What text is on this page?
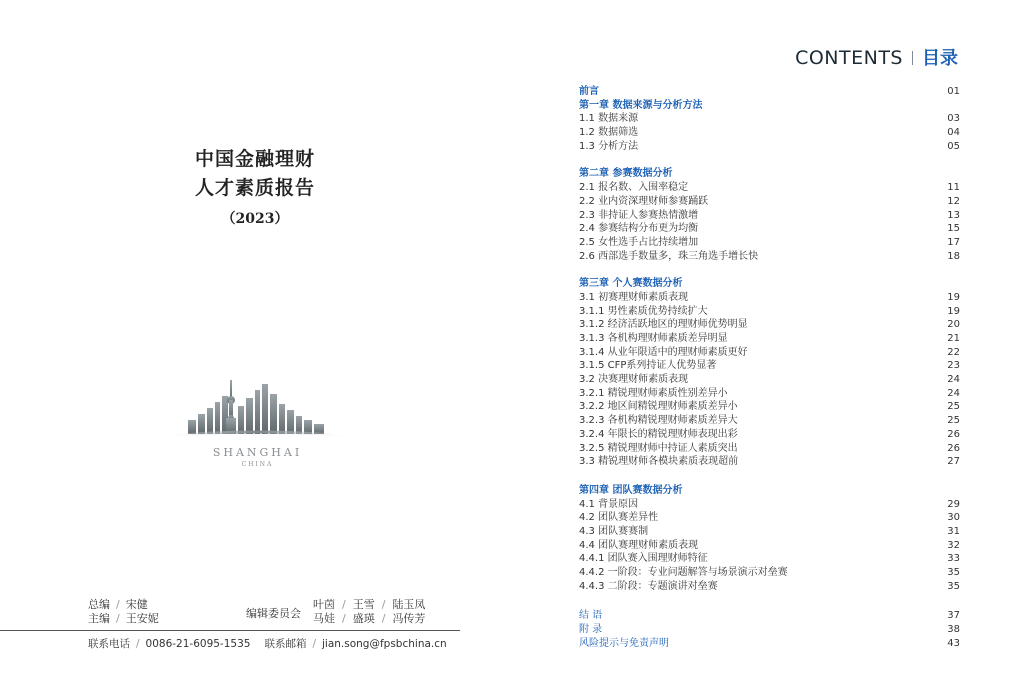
中国金融理财
人才素质报告
（2023）
SHANGHAI
CHINA
总编 / 宋健
主编 / 王安妮	编辑委员会
叶茵 / 王雪 / 陆玉凤
马娃 / 盛瑛 / 冯传芳
联系电话 / 0086-21-6095-1535 联系邮箱 / jian.song@fpsbchina.cn
CONTENTS 目录
前言	01
第一章 数据来源与分析方法
1.1 数据来源	03
1.2 数据筛选	04
1.3 分析方法	05
第二章 参赛数据分析
2.1 报名数、入围率稳定	11
2.2 业内资深理财师参赛踊跃	12
2.3 非持证人参赛热情激增	13
2.4 参赛结构分布更为均衡	15
2.5 女性选手占比持续增加	17
2.6 西部选手数量多，珠三角选手增长快	18
第三章 个人赛数据分析
3.1 初赛理财师素质表现	19
3.1.1 男性素质优势持续扩大	19
3.1.2 经济活跃地区的理财师优势明显	20
3.1.3 各机构理财师素质差异明显	21
3.1.4 从业年限适中的理财师素质更好	22
3.1.5 CFP系列持证人优势显著	23
3.2 决赛理财师素质表现	24
3.2.1 精锐理财师素质性别差异小	24
3.2.2 地区间精锐理财师素质差异小	25
3.2.3 各机构精锐理财师素质差异大	25
3.2.4 年限长的精锐理财师表现出彩	26
3.2.5 精锐理财师中持证人素质突出	26
3.3 精锐理财师各模块素质表现超前	27
第四章 团队赛数据分析
4.1 背景原因	29
4.2 团队赛差异性	30
4.3 团队赛赛制	31
4.4 团队赛理财师素质表现	32
4.4.1 团队赛入围理财师特征	33
4.4.2 一阶段：专业问题解答与场景演示对垒赛	35
4.4.3 二阶段：专题演讲对垒赛	35
结 语	37
附 录	38
风险提示与免责声明	43
